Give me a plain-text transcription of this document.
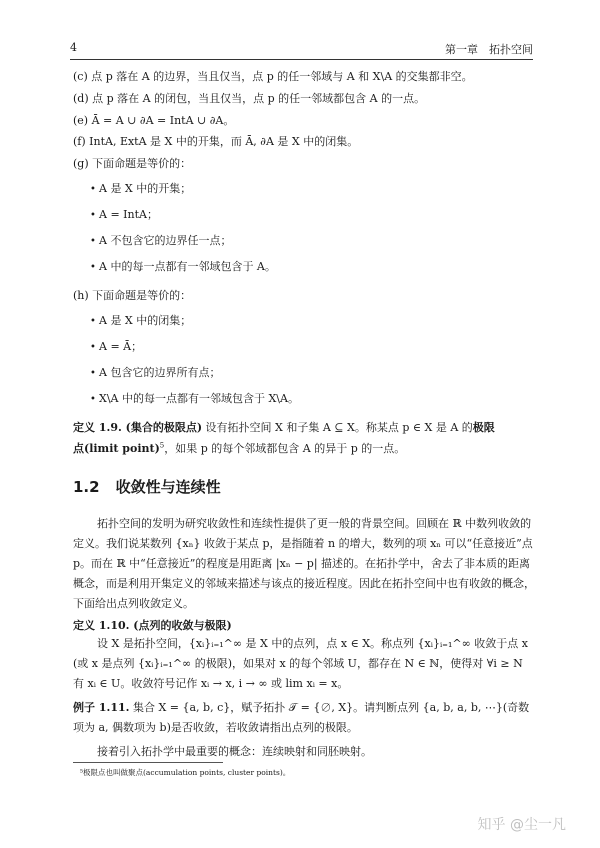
4	第一章　拓扑空间
(c) 点 p 落在 A 的边界，当且仅当，点 p 的任一邻域与 A 和 X\A 的交集都非空。
(d) 点 p 落在 A 的闭包，当且仅当，点 p 的任一邻域都包含 A 的一点。
(e) Ā = A ∪ ∂A = IntA ∪ ∂A。
(f) IntA, ExtA 是 X 中的开集，而 Ā, ∂A 是 X 中的闭集。
(g) 下面命题是等价的：
• A 是 X 中的开集；
• A = IntA；
• A 不包含它的边界任一点；
• A 中的每一点都有一邻域包含于 A。
(h) 下面命题是等价的：
• A 是 X 中的闭集；
• A = Ā；
• A 包含它的边界所有点；
• X\A 中的每一点都有一邻域包含于 X\A。
定义 1.9. (集合的极限点) 设有拓扑空间 X 和子集 A ⊆ X。称某点 p ∈ X 是 A 的极限
点(limit point)$^5$，如果 p 的每个邻域都包含 A 的异于 p 的一点。
1.2 收敛性与连续性
拓扑空间的发明为研究收敛性和连续性提供了更一般的背景空间。回顾在 ℝ 中数列收敛的定义。我们说某数列 {xₙ} 收敛于某点 p，是指随着 n 的增大，数列的项 xₙ 可以“任意接近”点 p。而在 ℝ 中“任意接近”的程度是用距离 |xₙ − p| 描述的。在拓扑学中，舍去了非本质的距离概念，而是利用开集定义的邻域来描述与该点的接近程度。因此在拓扑空间中也有收敛的概念，下面给出点列收敛定义。
定义 1.10. (点列的收敛与极限)
设 X 是拓扑空间，{xᵢ}ᵢ₌₁^∞ 是 X 中的点列，点 x ∈ X。称点列 {xᵢ}ᵢ₌₁^∞ 收敛于点 x (或 x 是点列 {xᵢ}ᵢ₌₁^∞ 的极限)，如果对 x 的每个邻域 U，都存在 N ∈ ℕ，使得对 ∀i ≥ N 有 xᵢ ∈ U。收敛符号记作 xᵢ → x, i → ∞ 或 lim xᵢ = x。
例子 1.11. 集合 X = {a, b, c}，赋予拓扑 𝒯 = {∅, X}。请判断点列 {a, b, a, b, ⋯}(奇数项为 a, 偶数项为 b)是否收敛，若收敛请指出点列的极限。
接着引入拓扑学中最重要的概念：连续映射和同胚映射。
⁵极限点也叫做聚点(accumulation points, cluster points)。
知乎 @尘一凡
